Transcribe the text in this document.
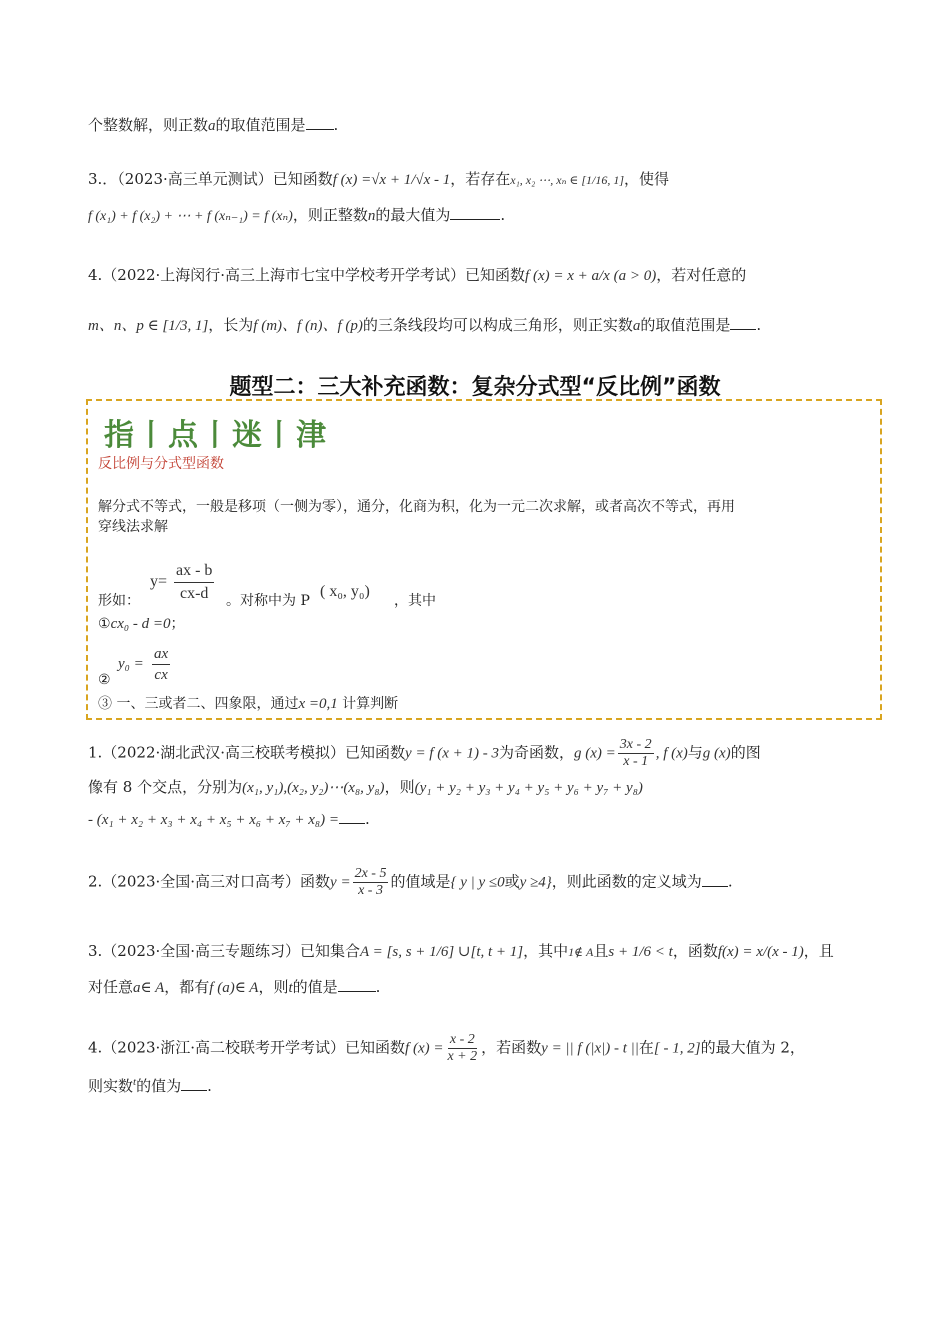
个整数解，则正数a的取值范围是 .
3.．（2023·高三单元测试）已知函数f (x) =√x + 1/√x - 1，若存在x₁, x₂ ⋯, xₙ ∈ [1/16, 1]，使得
f (x₁) + f (x₂) + ⋯ + f (xₙ₋₁) = f (xₙ)，则正整数n的最大值为	.
4.（2022·上海闵行·高三上海市七宝中学校考开学考试）已知函数f (x) = x + a/x (a > 0)，若对任意的
m、n、p ∈ [1/3, 1]，长为f (m)、f (n)、f (p)的三条线段均可以构成三角形，则正实数a的取值范围是 .
题型二：三大补充函数：复杂分式型“反比例”函数
指丨点丨迷丨津
反比例与分式型函数
解分式不等式，一般是移项（一侧为零），通分，化商为积，化为一元二次求解，或者高次不等式，再用
穿线法求解
形如：
$y= \frac{ax - b}{cx-d}$ 。对称中为 P
( x₀, y₀)
，其中
①cx₀ - d =0；
②
$y_0 = \frac{ax}{cx}$
③ 一、三或者二、四象限，通过x =0,1 计算判断
1.（2022·湖北武汉·高三校联考模拟）已知函数y = f (x + 1) - 3为奇函数，g $(x) = \frac{3x - 2}{x - 1}$ , f (x)与g (x)的图
像有 8 个交点，分别为(x₁, y₁),(x₂, y₂)⋯(x₈, y₈)，则(y₁ + y₂ + y₃ + y₄ + y₅ + y₆ + y₇ + y₈)
- (x₁ + x₂ + x₃ + x₄ + x₅ + x₆ + x₇ + x₈) = .
2.（2023·全国·高三对口高考）函数$y = \frac{2x - 5}{x - 3}$ 的值域是{ y | y ≤0或y ≥4}，则此函数的定义域为 .
3.（2023·全国·高三专题练习）已知集合A = [s, s + 1/6] ∪[t, t + 1]，其中1∉ A且s + 1/6 < t，函数f(x) = x/(x - 1)，且
对任意a∈ A，都有f (a)∈ A，则t的值是	.
4.（2023·浙江·高二校联考开学考试）已知函数f $(x) = \frac{x - 2}{x + 2}$ ，若函数y = || f (|x|) - t ||在[ - 1, 2]的最大值为 2，
则实数$^t$的值为 .
